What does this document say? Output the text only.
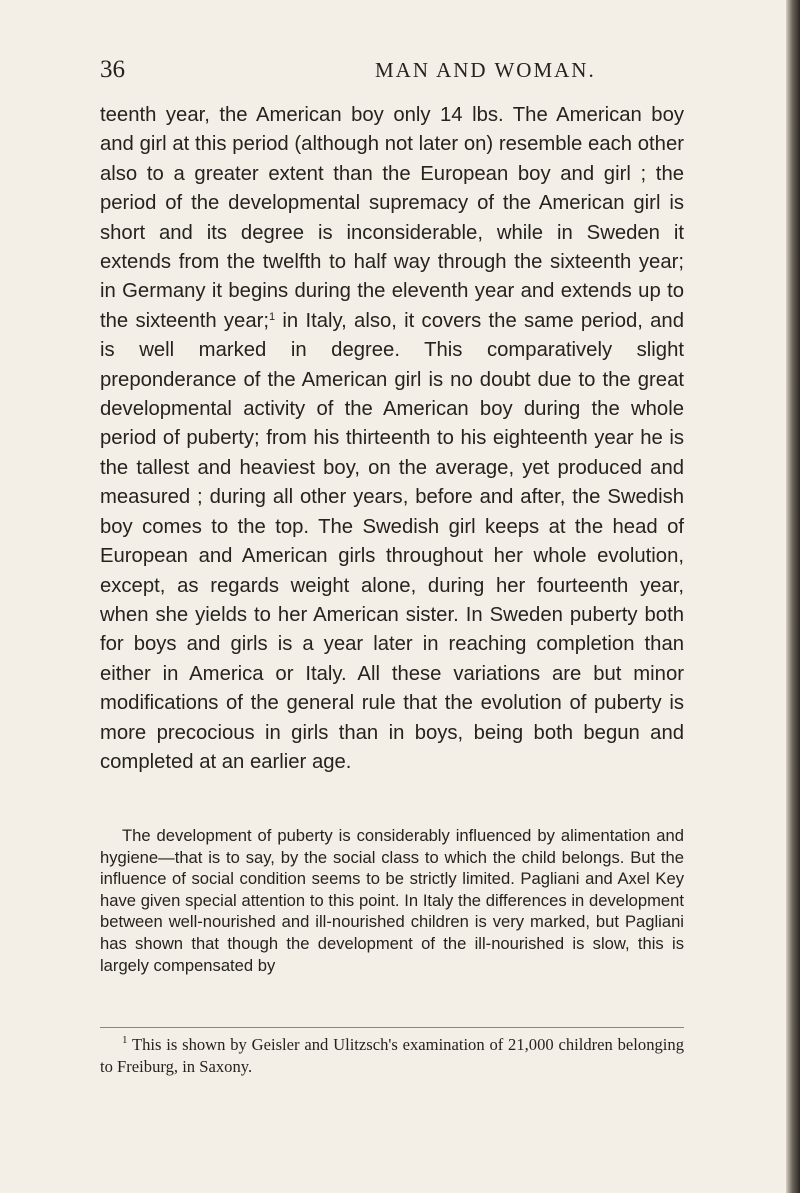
36	MAN AND WOMAN.

teenth year, the American boy only 14 lbs. The American boy and girl at this period (although not later on) resemble each other also to a greater extent than the European boy and girl ; the period of the developmental supremacy of the American girl is short and its degree is inconsiderable, while in Sweden it extends from the twelfth to half way through the sixteenth year; in Germany it begins during the eleventh year and extends up to the sixteenth year;$^1$ in Italy, also, it covers the same period, and is well marked in degree. This comparatively slight preponderance of the American girl is no doubt due to the great developmental activity of the American boy during the whole period of puberty; from his thirteenth to his eighteenth year he is the tallest and heaviest boy, on the average, yet produced and measured ; during all other years, before and after, the Swedish boy comes to the top. The Swedish girl keeps at the head of European and American girls throughout her whole evolution, except, as regards weight alone, during her fourteenth year, when she yields to her American sister. In Sweden puberty both for boys and girls is a year later in reaching completion than either in America or Italy. All these variations are but minor modifications of the general rule that the evolution of puberty is more precocious in girls than in boys, being both begun and completed at an earlier age.

The development of puberty is considerably influenced by alimentation and hygiene—that is to say, by the social class to which the child belongs. But the influence of social condition seems to be strictly limited. Pagliani and Axel Key have given special attention to this point. In Italy the differences in development between well-nourished and ill-nourished children is very marked, but Pagliani has shown that though the development of the ill-nourished is slow, this is largely compensated by

$^1$ This is shown by Geisler and Ulitzsch's examination of 21,000 children belonging to Freiburg, in Saxony.
